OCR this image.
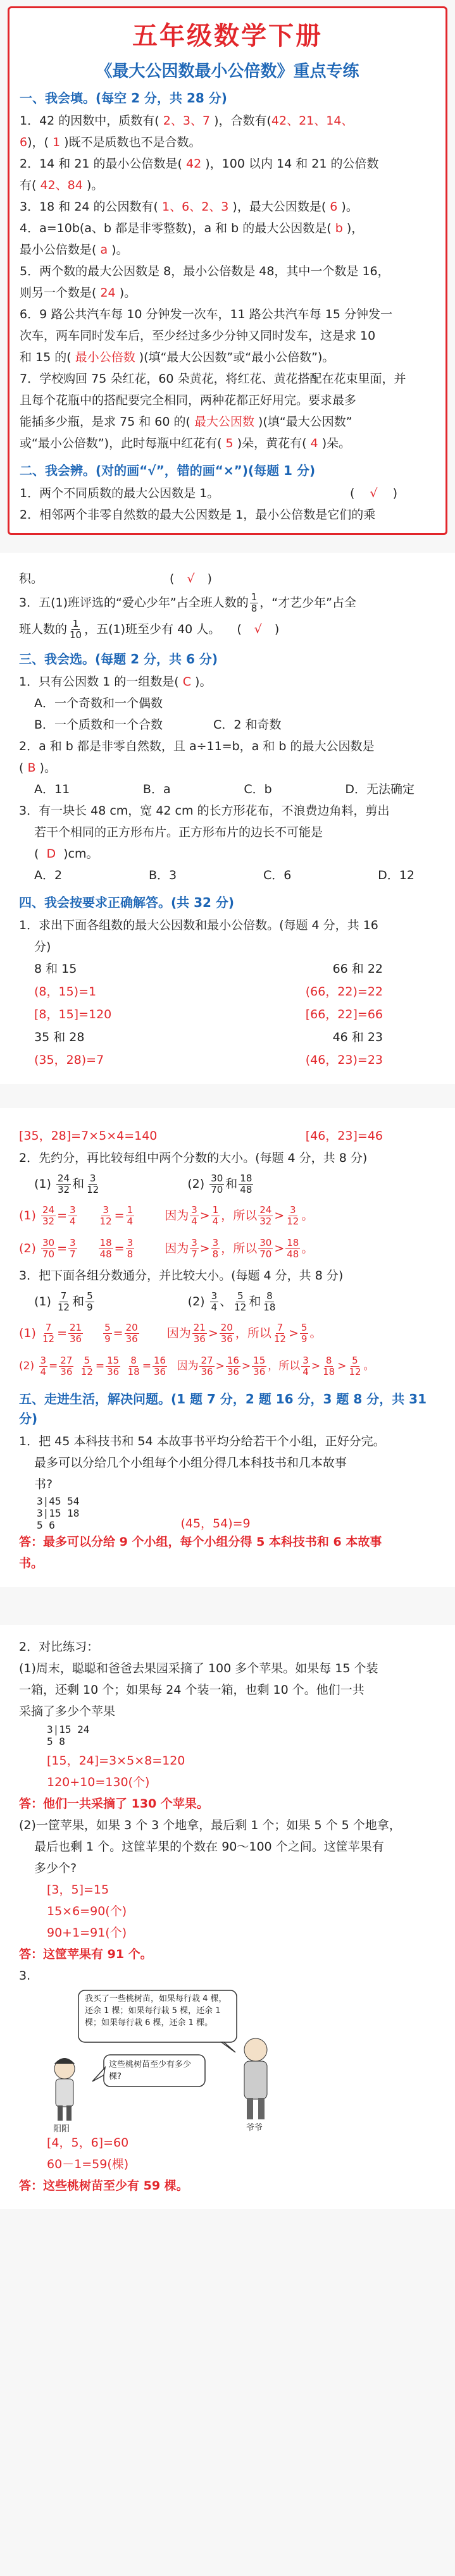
五年级数学下册
《最大公因数最小公倍数》重点专练
一、我会填。(每空 2 分，共 28 分)
1．42 的因数中，质数有( 2、3、7 )，合数有(42、21、14、
6)，( 1 )既不是质数也不是合数。
2．14 和 21 的最小公倍数是( 42 )，100 以内 14 和 21 的公倍数
有( 42、84 )。
3．18 和 24 的公因数有( 1、6、2、3 )，最大公因数是( 6 )。
4．a=10b(a、b 都是非零整数)，a 和 b 的最大公因数是( b )，
最小公倍数是( a )。
5．两个数的最大公因数是 8，最小公倍数是 48，其中一个数是 16，
则另一个数是( 24 )。
6．9 路公共汽车每 10 分钟发一次车，11 路公共汽车每 15 分钟发一
次车，两车同时发车后，至少经过多少分钟又同时发车，这是求 10
和 15 的( 最小公倍数 )(填“最大公因数”或“最小公倍数”)。
7．学校购回 75 朵红花，60 朵黄花，将红花、黄花搭配在花束里面，并
且每个花瓶中的搭配要完全相同，两种花都正好用完。要求最多
能插多少瓶，是求 75 和 60 的( 最大公因数 )(填“最大公因数”
或“最小公倍数”)，此时每瓶中红花有( 5 )朵，黄花有( 4 )朵。
二、我会辨。(对的画“√”，错的画“×”)(每题 1 分)
1．两个不同质数的最大公因数是 1。	( √ )
2．相邻两个非零自然数的最大公因数是 1，最小公倍数是它们的乘
积。	( √ )
3．五(1)班评选的“爱心少年”占全班人数的 $\frac{1}{8}$ ，“才艺少年”占全
班人数的 $\frac{1}{10}$ ，五(1)班至少有 40 人。 ( √ )
三、我会选。(每题 2 分，共 6 分)
1．只有公因数 1 的一组数是( C )。
A．一个奇数和一个偶数
B．一个质数和一个合数	C．2 和奇数
2．a 和 b 都是非零自然数，且 a÷11=b，a 和 b 的最大公因数是
( B )。
A．11	B．a	C．b	D．无法确定
3．有一块长 48 cm，宽 42 cm 的长方形花布，不浪费边角料，剪出
若干个相同的正方形布片。正方形布片的边长不可能是
( D )cm。
A．2	B．3	C．6	D．12
四、我会按要求正确解答。(共 32 分)
1．求出下面各组数的最大公因数和最小公倍数。(每题 4 分，共 16
分)
8 和 15	66 和 22
(8，15)=1	(66，22)=22
[8，15]=120	[66，22]=66
35 和 28	46 和 23
(35，28)=7	(46，23)=23
[35，28]=7×5×4=140	[46，23]=46
2．先约分，再比较每组中两个分数的大小。(每题 4 分，共 8 分)
$(1) \frac{24}{32}$ 和 $\frac{3}{12}$	$(2) \frac{30}{70}$ 和 $\frac{18}{48}$
$(1) \frac{24}{32} = \frac{3}{4}$
$\frac{3}{12} = \frac{1}{4}$	因为 $\frac{3}{4} > \frac{1}{4}$ ，所以 $\frac{24}{32} > \frac{3}{12}$ 。
$(2) \frac{30}{70} = \frac{3}{7}$
$\frac{18}{48} = \frac{3}{8}$	因为 $\frac{3}{7} > \frac{3}{8}$ ，所以 $\frac{30}{70} > \frac{18}{48}$ 。
3．把下面各组分数通分，并比较大小。(每题 4 分，共 8 分)
$(1) \frac{7}{12}$ 和 $\frac{5}{9}$	$(2) \frac{3}{4}$ 、 $\frac{5}{12}$ 和 $\frac{8}{18}$
$(1) \frac{7}{12} = \frac{21}{36}$
$\frac{5}{9} = \frac{20}{36}$ 因为 $\frac{21}{36} > \frac{20}{36}$ ，所以 $\frac{7}{12} > \frac{5}{9}$ 。
$(2) \frac{3}{4} = \frac{27}{36}$
$\frac{5}{12} = \frac{15}{36}$
$\frac{8}{18} = \frac{16}{36}$ 因为 $\frac{27}{36} > \frac{16}{36} > \frac{15}{36}$ ，所以 $\frac{3}{4} > \frac{8}{18} > \frac{5}{12}$ 。
五、走进生活，解决问题。(1 题 7 分，2 题 16 分，3 题 8 分，共 31
分)
1．把 45 本科技书和 54 本故事书平均分给若干个小组，正好分完。
最多可以分给几个小组每个小组分得几本科技书和几本故事
书?
3|45 54
3|15 18
5 6	(45，54)=9
答：最多可以分给 9 个小组，每个小组分得 5 本科技书和 6 本故事
书。
2．对比练习：
(1)周末，聪聪和爸爸去果园采摘了 100 多个苹果。如果每 15 个装
一箱，还剩 10 个；如果每 24 个装一箱，也剩 10 个。他们一共
采摘了多少个苹果
3|15 24
5 8
[15，24]=3×5×8=120
120+10=130(个)
答：他们一共采摘了 130 个苹果。
(2)一筐苹果，如果 3 个 3 个地拿，最后剩 1 个；如果 5 个 5 个地拿，
最后也剩 1 个。这筐苹果的个数在 90～100 个之间。这筐苹果有
多少个?
[3，5]=15
15×6=90(个)
90+1=91(个)
答：这筐苹果有 91 个。
3.
我买了一些桃树苗，如果每行栽 4 棵，还余 1 棵；如果每行栽 5 棵，还余 1 棵；如果每行栽 6 棵，还余 1 棵。
这些桃树苗至少有多少棵?
爷爷
阳阳
[4，5，6]=60
60－1=59(棵)
答：这些桃树苗至少有 59 棵。
